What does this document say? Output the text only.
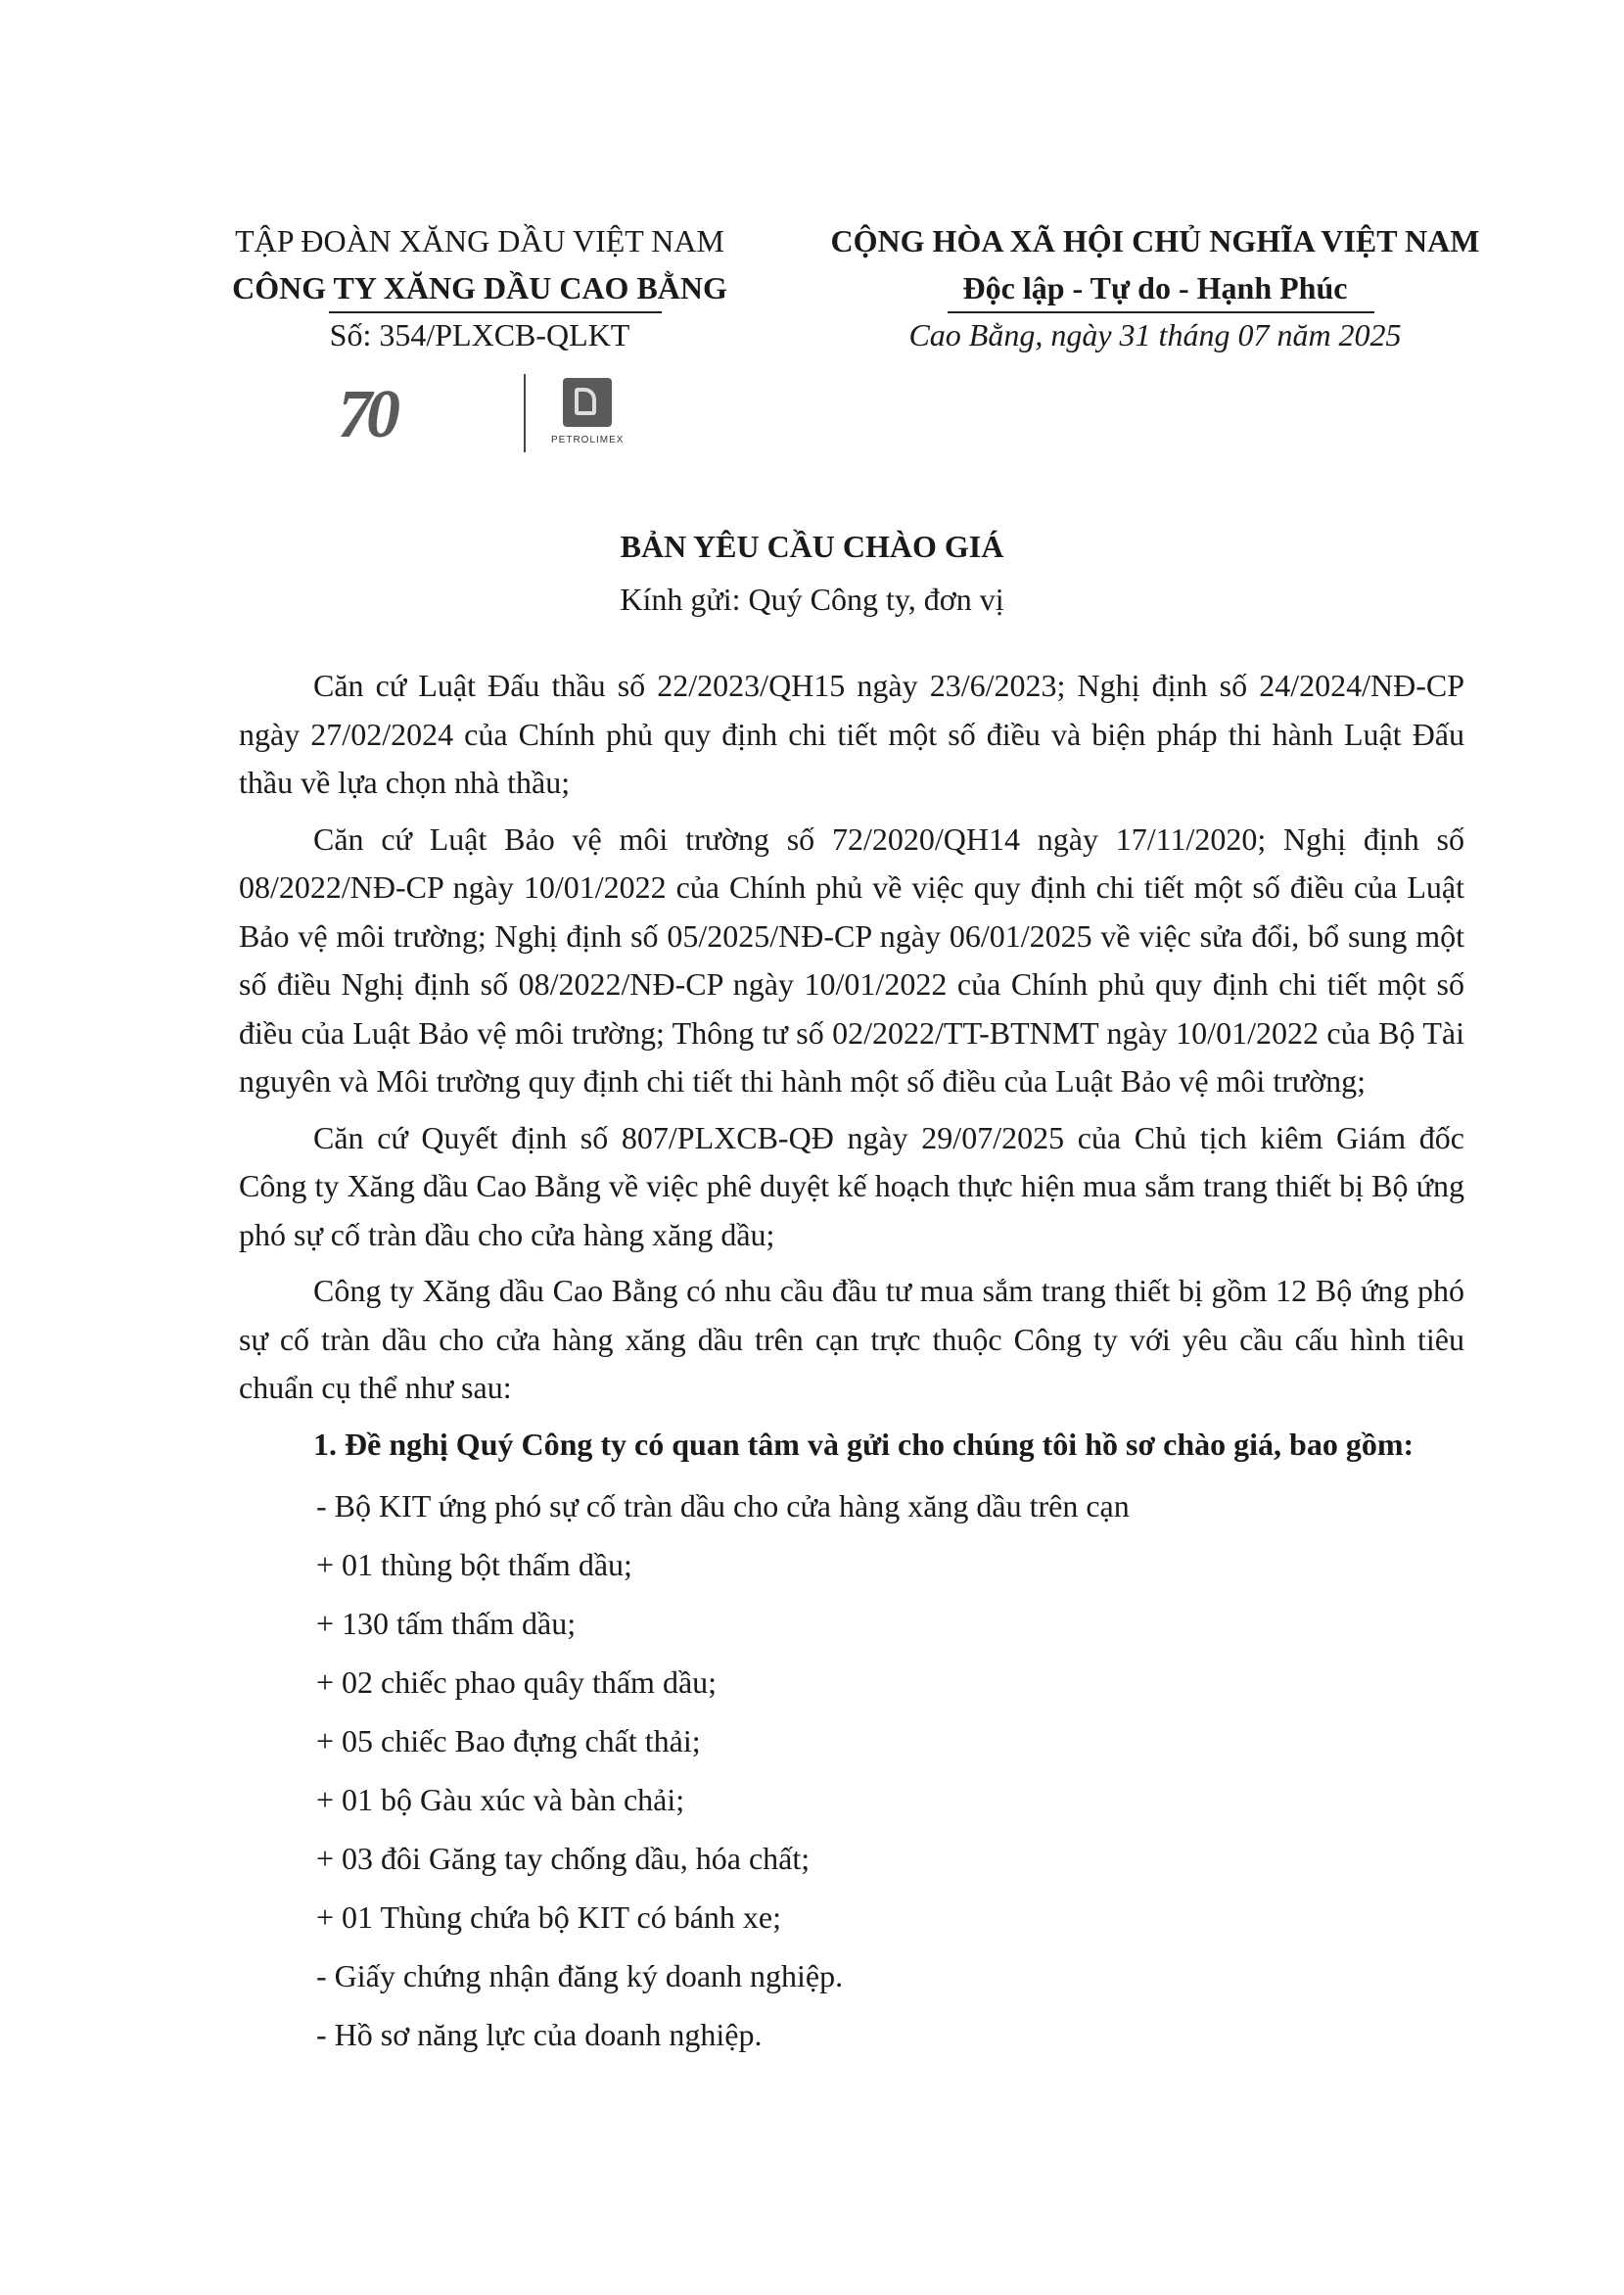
TẬP ĐOÀN XĂNG DẦU VIỆT NAM
CÔNG TY XĂNG DẦU CAO BẰNG
Số: 354/PLXCB-QLKT
CỘNG HÒA XÃ HỘI CHỦ NGHĨA VIỆT NAM
Độc lập - Tự do - Hạnh Phúc
Cao Bằng, ngày 31 tháng 07 năm 2025
70	PETROLIMEX
BẢN YÊU CẦU CHÀO GIÁ
Kính gửi: Quý Công ty, đơn vị

Căn cứ Luật Đấu thầu số 22/2023/QH15 ngày 23/6/2023; Nghị định số 24/2024/NĐ-CP ngày 27/02/2024 của Chính phủ quy định chi tiết một số điều và biện pháp thi hành Luật Đấu thầu về lựa chọn nhà thầu;

Căn cứ Luật Bảo vệ môi trường số 72/2020/QH14 ngày 17/11/2020; Nghị định số 08/2022/NĐ-CP ngày 10/01/2022 của Chính phủ về việc quy định chi tiết một số điều của Luật Bảo vệ môi trường; Nghị định số 05/2025/NĐ-CP ngày 06/01/2025 về việc sửa đổi, bổ sung một số điều Nghị định số 08/2022/NĐ-CP ngày 10/01/2022 của Chính phủ quy định chi tiết một số điều của Luật Bảo vệ môi trường; Thông tư số 02/2022/TT-BTNMT ngày 10/01/2022 của Bộ Tài nguyên và Môi trường quy định chi tiết thi hành một số điều của Luật Bảo vệ môi trường;

Căn cứ Quyết định số 807/PLXCB-QĐ ngày 29/07/2025 của Chủ tịch kiêm Giám đốc Công ty Xăng dầu Cao Bằng về việc phê duyệt kế hoạch thực hiện mua sắm trang thiết bị Bộ ứng phó sự cố tràn dầu cho cửa hàng xăng dầu;

Công ty Xăng dầu Cao Bằng có nhu cầu đầu tư mua sắm trang thiết bị gồm 12 Bộ ứng phó sự cố tràn dầu cho cửa hàng xăng dầu trên cạn trực thuộc Công ty với yêu cầu cấu hình tiêu chuẩn cụ thể như sau:

1. Đề nghị Quý Công ty có quan tâm và gửi cho chúng tôi hồ sơ chào giá, bao gồm:

- Bộ KIT ứng phó sự cố tràn dầu cho cửa hàng xăng dầu trên cạn
+ 01 thùng bột thấm dầu;
+ 130 tấm thấm dầu;
+ 02 chiếc phao quây thấm dầu;
+ 05 chiếc Bao đựng chất thải;
+ 01 bộ Gàu xúc và bàn chải;
+ 03 đôi Găng tay chống dầu, hóa chất;
+ 01 Thùng chứa bộ KIT có bánh xe;
- Giấy chứng nhận đăng ký doanh nghiệp.
- Hồ sơ năng lực của doanh nghiệp.
